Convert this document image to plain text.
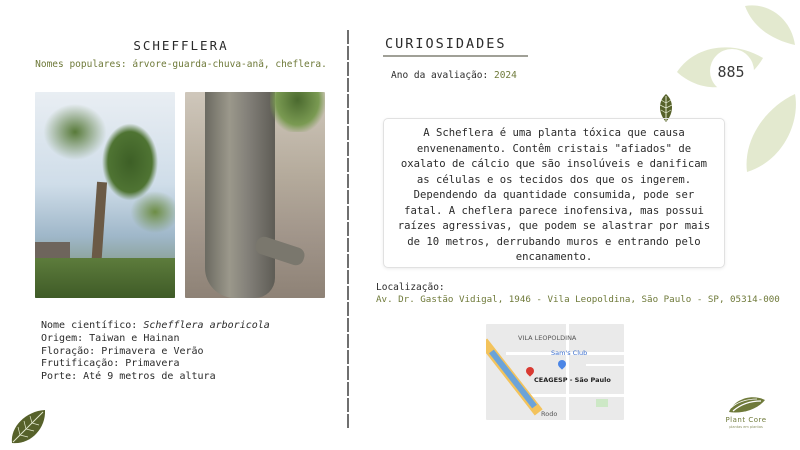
SCHEFFLERA
Nomes populares: árvore-guarda-chuva-anã, cheflera.
Nome científico: Schefflera arboricola
Origem: Taiwan e Hainan
Floração: Primavera e Verão
Frutificação: Primavera
Porte: Até 9 metros de altura
CURIOSIDADES
Ano da avaliação: 2024
A Scheflera é uma planta tóxica que causa envenenamento. Contêm cristais "afiados" de oxalato de cálcio que são insolúveis e danificam as células e os tecidos dos que os ingerem. Dependendo da quantidade consumida, pode ser fatal. A cheflera parece inofensiva, mas possui raízes agressivas, que podem se alastrar por mais de 10 metros, derrubando muros e entrando pelo encanamento.
Localização:
Av. Dr. Gastão Vidigal, 1946 - Vila Leopoldina, São Paulo - SP, 05314-000
VILA LEOPOLDINA
Sam's Club
CEAGESP - São Paulo
Rodo
885
Plant Core
plantas em plantas
